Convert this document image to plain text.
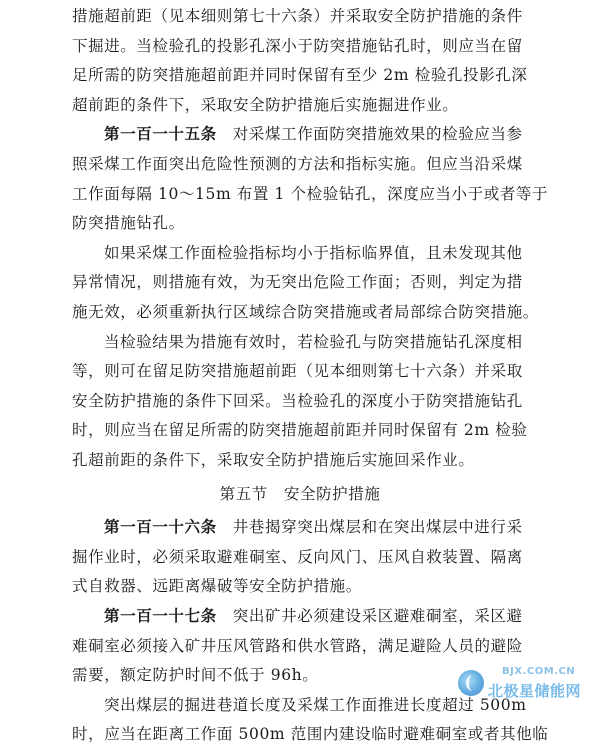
措施超前距（见本细则第七十六条）并采取安全防护措施的条件
下掘进。当检验孔的投影孔深小于防突措施钻孔时，则应当在留
足所需的防突措施超前距并同时保留有至少 2m 检验孔投影孔深
超前距的条件下，采取安全防护措施后实施掘进作业。
第一百一十五条　对采煤工作面防突措施效果的检验应当参
照采煤工作面突出危险性预测的方法和指标实施。但应当沿采煤
工作面每隔 10～15m 布置 1 个检验钻孔，深度应当小于或者等于
防突措施钻孔。
如果采煤工作面检验指标均小于指标临界值，且未发现其他
异常情况，则措施有效，为无突出危险工作面；否则，判定为措
施无效，必须重新执行区域综合防突措施或者局部综合防突措施。
当检验结果为措施有效时，若检验孔与防突措施钻孔深度相
等，则可在留足防突措施超前距（见本细则第七十六条）并采取
安全防护措施的条件下回采。当检验孔的深度小于防突措施钻孔
时，则应当在留足所需的防突措施超前距并同时保留有 2m 检验
孔超前距的条件下，采取安全防护措施后实施回采作业。
第五节　安全防护措施
第一百一十六条　井巷揭穿突出煤层和在突出煤层中进行采
掘作业时，必须采取避难硐室、反向风门、压风自救装置、隔离
式自救器、远距离爆破等安全防护措施。
第一百一十七条　突出矿井必须建设采区避难硐室，采区避
难硐室必须接入矿井压风管路和供水管路，满足避险人员的避险
需要，额定防护时间不低于 96h。
突出煤层的掘进巷道长度及采煤工作面推进长度超过 500m
时，应当在距离工作面 500m 范围内建设临时避难硐室或者其他临
BJX.COM.CN
北极星储能网
